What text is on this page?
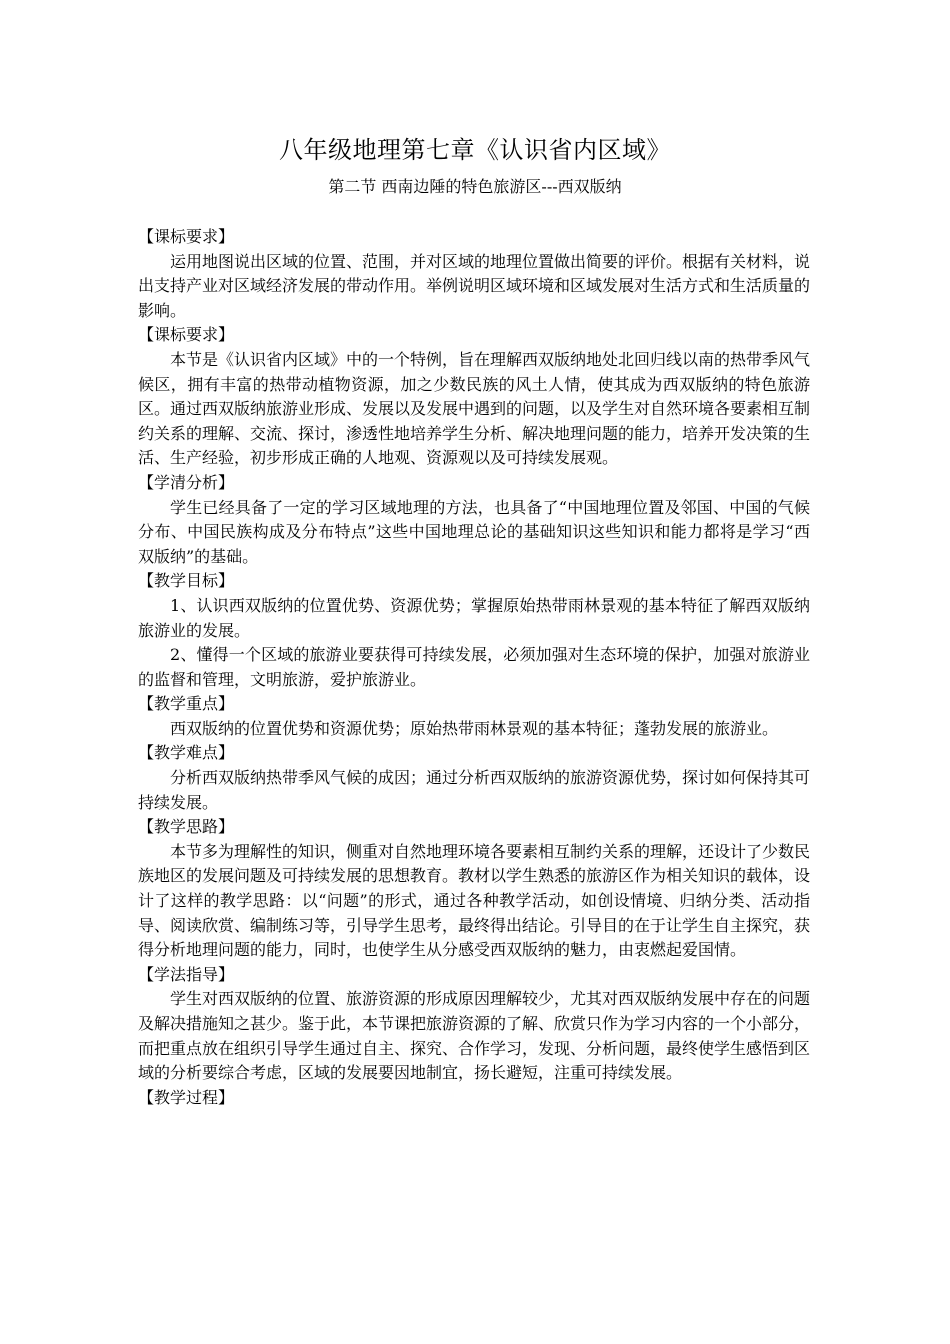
八年级地理第七章《认识省内区域》
第二节 西南边陲的特色旅游区---西双版纳

【课标要求】

运用地图说出区域的位置、范围，并对区域的地理位置做出简要的评价。根据有关材料，说出支持产业对区域经济发展的带动作用。举例说明区域环境和区域发展对生活方式和生活质量的影响。

【课标要求】

本节是《认识省内区域》中的一个特例，旨在理解西双版纳地处北回归线以南的热带季风气候区，拥有丰富的热带动植物资源，加之少数民族的风土人情，使其成为西双版纳的特色旅游区。通过西双版纳旅游业形成、发展以及发展中遇到的问题，以及学生对自然环境各要素相互制约关系的理解、交流、探讨，渗透性地培养学生分析、解决地理问题的能力，培养开发决策的生活、生产经验，初步形成正确的人地观、资源观以及可持续发展观。

【学清分析】

学生已经具备了一定的学习区域地理的方法，也具备了“中国地理位置及邻国、中国的气候分布、中国民族构成及分布特点”这些中国地理总论的基础知识这些知识和能力都将是学习“西双版纳”的基础。

【教学目标】

1、认识西双版纳的位置优势、资源优势；掌握原始热带雨林景观的基本特征了解西双版纳旅游业的发展。

2、懂得一个区域的旅游业要获得可持续发展，必须加强对生态环境的保护，加强对旅游业的监督和管理，文明旅游，爱护旅游业。

【教学重点】

西双版纳的位置优势和资源优势；原始热带雨林景观的基本特征；蓬勃发展的旅游业。

【教学难点】

分析西双版纳热带季风气候的成因；通过分析西双版纳的旅游资源优势，探讨如何保持其可持续发展。

【教学思路】

本节多为理解性的知识，侧重对自然地理环境各要素相互制约关系的理解，还设计了少数民族地区的发展问题及可持续发展的思想教育。教材以学生熟悉的旅游区作为相关知识的载体，设计了这样的教学思路：以“问题”的形式，通过各种教学活动，如创设情境、归纳分类、活动指导、阅读欣赏、编制练习等，引导学生思考，最终得出结论。引导目的在于让学生自主探究，获得分析地理问题的能力，同时，也使学生从分感受西双版纳的魅力，由衷燃起爱国情。

【学法指导】

学生对西双版纳的位置、旅游资源的形成原因理解较少，尤其对西双版纳发展中存在的问题及解决措施知之甚少。鉴于此，本节课把旅游资源的了解、欣赏只作为学习内容的一个小部分，而把重点放在组织引导学生通过自主、探究、合作学习，发现、分析问题，最终使学生感悟到区域的分析要综合考虑，区域的发展要因地制宜，扬长避短，注重可持续发展。

【教学过程】
